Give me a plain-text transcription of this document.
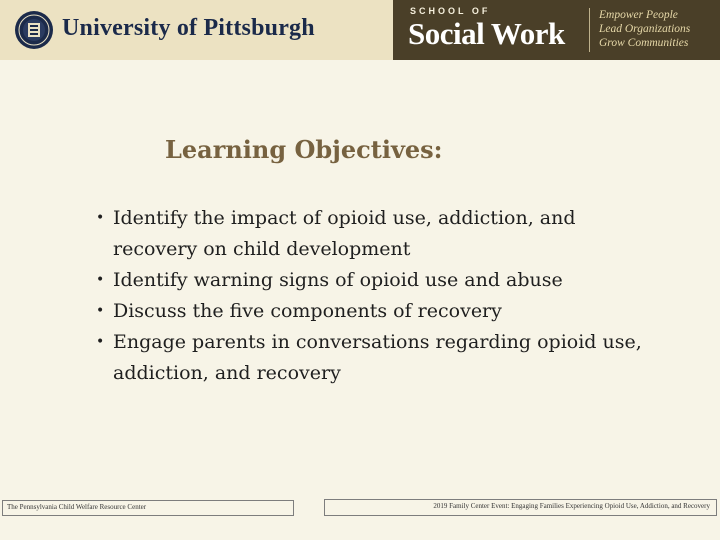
University of Pittsburgh
SCHOOL OF
Social Work
Empower People
Lead Organizations
Grow Communities
Learning Objectives:
• Identify the impact of opioid use, addiction, and recovery on child development
• Identify warning signs of opioid use and abuse
• Discuss the five components of recovery
• Engage parents in conversations regarding opioid use, addiction, and recovery
The Pennsylvania Child Welfare Resource Center	2019 Family Center Event: Engaging Families Experiencing Opioid Use, Addiction, and Recovery
